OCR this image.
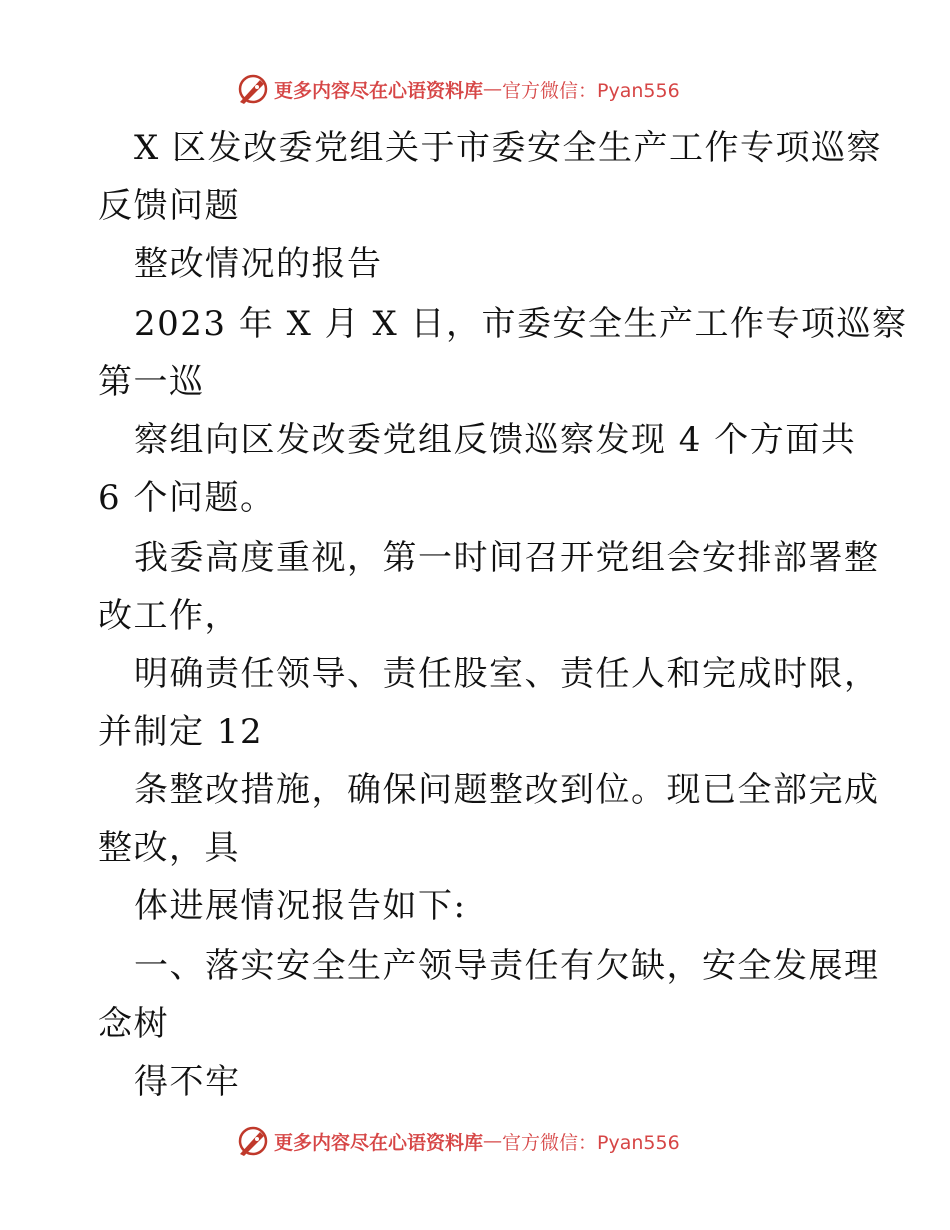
更多内容尽在心语资料库 — 官方微信：Pyan556

X 区发改委党组关于市委安全生产工作专项巡察

反馈问题

整改情况的报告

2023 年 X 月 X 日，市委安全生产工作专项巡察

第一巡

察组向区发改委党组反馈巡察发现 4 个方面共

6 个问题。

我委高度重视，第一时间召开党组会安排部署整

改工作，

明确责任领导、责任股室、责任人和完成时限，

并制定 12

条整改措施，确保问题整改到位。现已全部完成

整改，具

体进展情况报告如下:

一、落实安全生产领导责任有欠缺，安全发展理

念树

得不牢

更多内容尽在心语资料库 — 官方微信：Pyan556
